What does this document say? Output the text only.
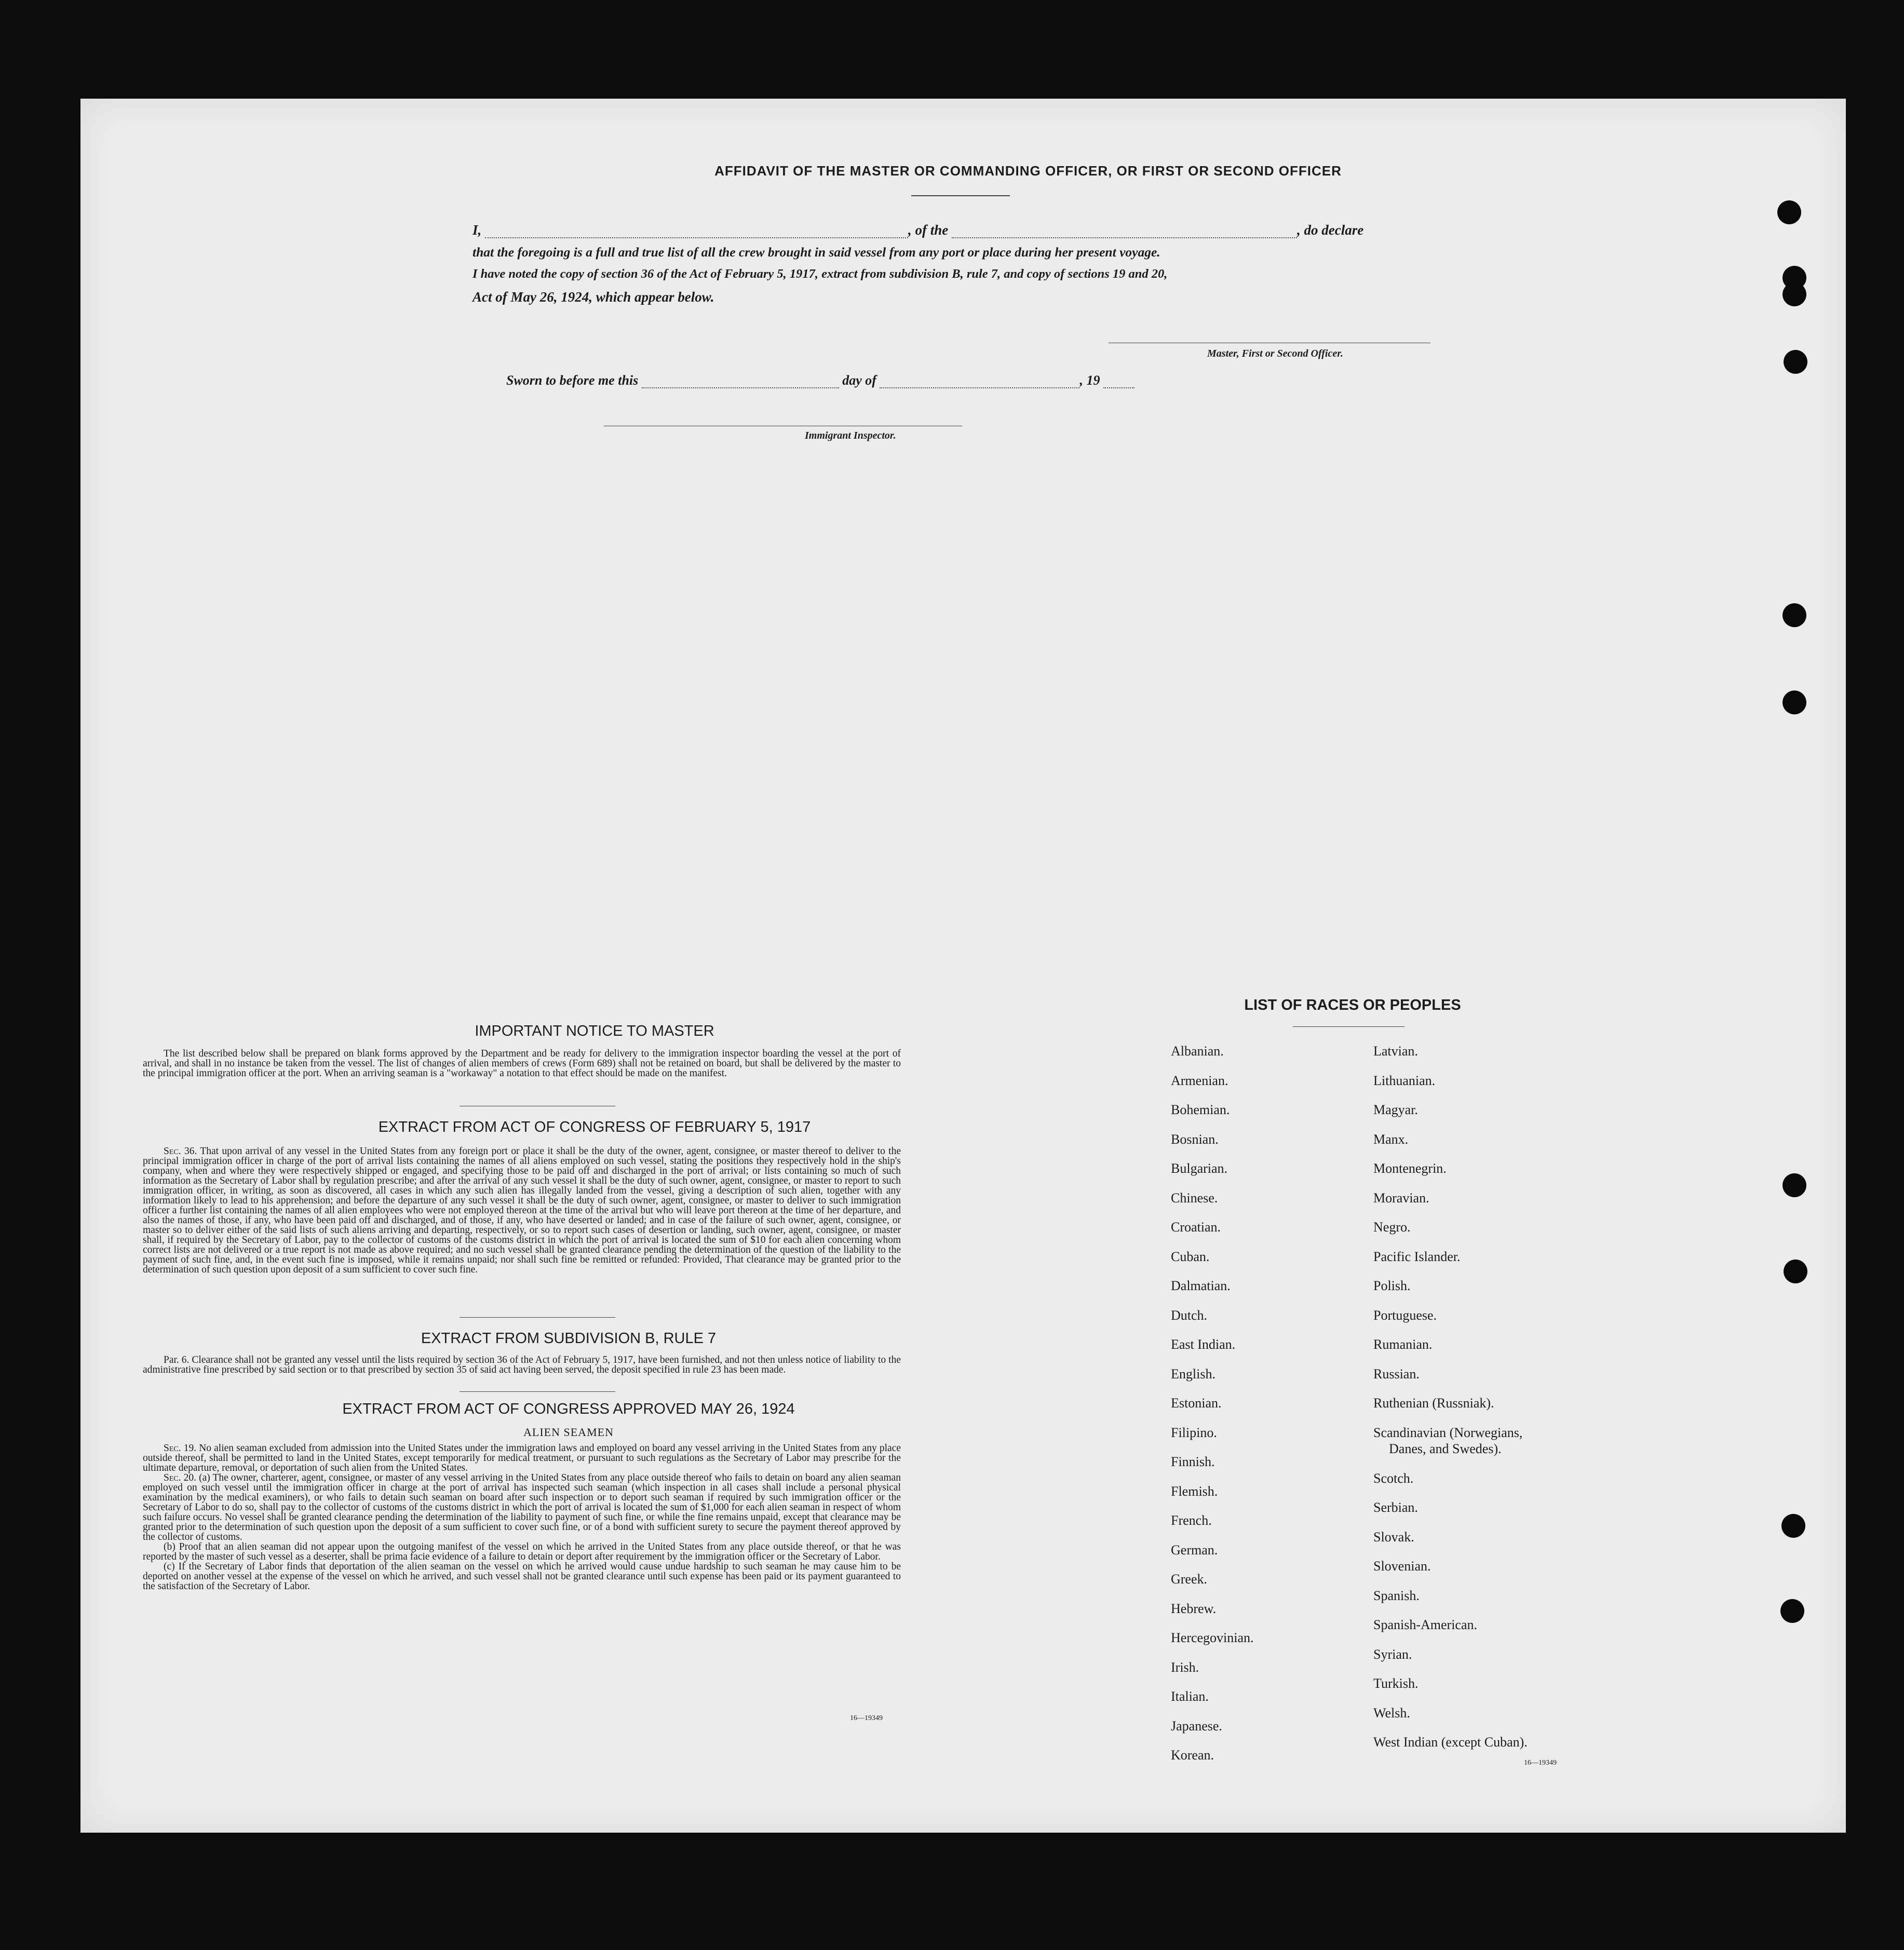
AFFIDAVIT OF THE MASTER OR COMMANDING OFFICER, OR FIRST OR SECOND OFFICER
I,	, of the	, do declare
that the foregoing is a full and true list of all the crew brought in said vessel from any port or place during her present voyage.
I have noted the copy of section 36 of the Act of February 5, 1917, extract from subdivision B, rule 7, and copy of sections 19 and 20,
Act of May 26, 1924, which appear below.
Master, First or Second Officer.
Sworn to before me this	day of	, 19
Immigrant Inspector.
IMPORTANT NOTICE TO MASTER

The list described below shall be prepared on blank forms approved by the Department and be ready for delivery to the immigration inspector boarding the vessel at the port of arrival, and shall in no instance be taken from the vessel. The list of changes of alien members of crews (Form 689) shall not be retained on board, but shall be delivered by the master to the principal immigration officer at the port. When an arriving seaman is a "workaway" a notation to that effect should be made on the manifest.

EXTRACT FROM ACT OF CONGRESS OF FEBRUARY 5, 1917

Sec. 36. That upon arrival of any vessel in the United States from any foreign port or place it shall be the duty of the owner, agent, consignee, or master thereof to deliver to the principal immigration officer in charge of the port of arrival lists containing the names of all aliens employed on such vessel, stating the positions they respectively hold in the ship's company, when and where they were respectively shipped or engaged, and specifying those to be paid off and discharged in the port of arrival; or lists containing so much of such information as the Secretary of Labor shall by regulation prescribe; and after the arrival of any such vessel it shall be the duty of such owner, agent, consignee, or master to report to such immigration officer, in writing, as soon as discovered, all cases in which any such alien has illegally landed from the vessel, giving a description of such alien, together with any information likely to lead to his apprehension; and before the departure of any such vessel it shall be the duty of such owner, agent, consignee, or master to deliver to such immigration officer a further list containing the names of all alien employees who were not employed thereon at the time of the arrival but who will leave port thereon at the time of her departure, and also the names of those, if any, who have been paid off and discharged, and of those, if any, who have deserted or landed; and in case of the failure of such owner, agent, consignee, or master so to deliver either of the said lists of such aliens arriving and departing, respectively, or so to report such cases of desertion or landing, such owner, agent, consignee, or master shall, if required by the Secretary of Labor, pay to the collector of customs of the customs district in which the port of arrival is located the sum of $10 for each alien concerning whom correct lists are not delivered or a true report is not made as above required; and no such vessel shall be granted clearance pending the determination of the question of the liability to the payment of such fine, and, in the event such fine is imposed, while it remains unpaid; nor shall such fine be remitted or refunded: Provided, That clearance may be granted prior to the determination of such question upon deposit of a sum sufficient to cover such fine.

EXTRACT FROM SUBDIVISION B, RULE 7

Par. 6. Clearance shall not be granted any vessel until the lists required by section 36 of the Act of February 5, 1917, have been furnished, and not then unless notice of liability to the administrative fine prescribed by said section or to that prescribed by section 35 of said act having been served, the deposit specified in rule 23 has been made.

EXTRACT FROM ACT OF CONGRESS APPROVED MAY 26, 1924
ALIEN SEAMEN

Sec. 19. No alien seaman excluded from admission into the United States under the immigration laws and employed on board any vessel arriving in the United States from any place outside thereof, shall be permitted to land in the United States, except temporarily for medical treatment, or pursuant to such regulations as the Secretary of Labor may prescribe for the ultimate departure, removal, or deportation of such alien from the United States.

Sec. 20. (a) The owner, charterer, agent, consignee, or master of any vessel arriving in the United States from any place outside thereof who fails to detain on board any alien seaman employed on such vessel until the immigration officer in charge at the port of arrival has inspected such seaman (which inspection in all cases shall include a personal physical examination by the medical examiners), or who fails to detain such seaman on board after such inspection or to deport such seaman if required by such immigration officer or the Secretary of Labor to do so, shall pay to the collector of customs of the customs district in which the port of arrival is located the sum of $1,000 for each alien seaman in respect of whom such failure occurs. No vessel shall be granted clearance pending the determination of the liability to payment of such fine, or while the fine remains unpaid, except that clearance may be granted prior to the determination of such question upon the deposit of a sum sufficient to cover such fine, or of a bond with sufficient surety to secure the payment thereof approved by the collector of customs.

(b) Proof that an alien seaman did not appear upon the outgoing manifest of the vessel on which he arrived in the United States from any place outside thereof, or that he was reported by the master of such vessel as a deserter, shall be prima facie evidence of a failure to detain or deport after requirement by the immigration officer or the Secretary of Labor.

(c) If the Secretary of Labor finds that deportation of the alien seaman on the vessel on which he arrived would cause undue hardship to such seaman he may cause him to be deported on another vessel at the expense of the vessel on which he arrived, and such vessel shall not be granted clearance until such expense has been paid or its payment guaranteed to the satisfaction of the Secretary of Labor.

16—19349
LIST OF RACES OR PEOPLES
Albanian.
Armenian.
Bohemian.
Bosnian.
Bulgarian.
Chinese.
Croatian.
Cuban.
Dalmatian.
Dutch.
East Indian.
English.
Estonian.
Filipino.
Finnish.
Flemish.
French.
German.
Greek.
Hebrew.
Hercegovinian.
Irish.
Italian.
Japanese.
Korean.
Latvian.
Lithuanian.
Magyar.
Manx.
Montenegrin.
Moravian.
Negro.
Pacific Islander.
Polish.
Portuguese.
Rumanian.
Russian.
Ruthenian (Russniak).
Scandinavian (Norwegians,
Danes, and Swedes).
Scotch.
Serbian.
Slovak.
Slovenian.
Spanish.
Spanish-American.
Syrian.
Turkish.
Welsh.
West Indian (except Cuban).
16—19349
